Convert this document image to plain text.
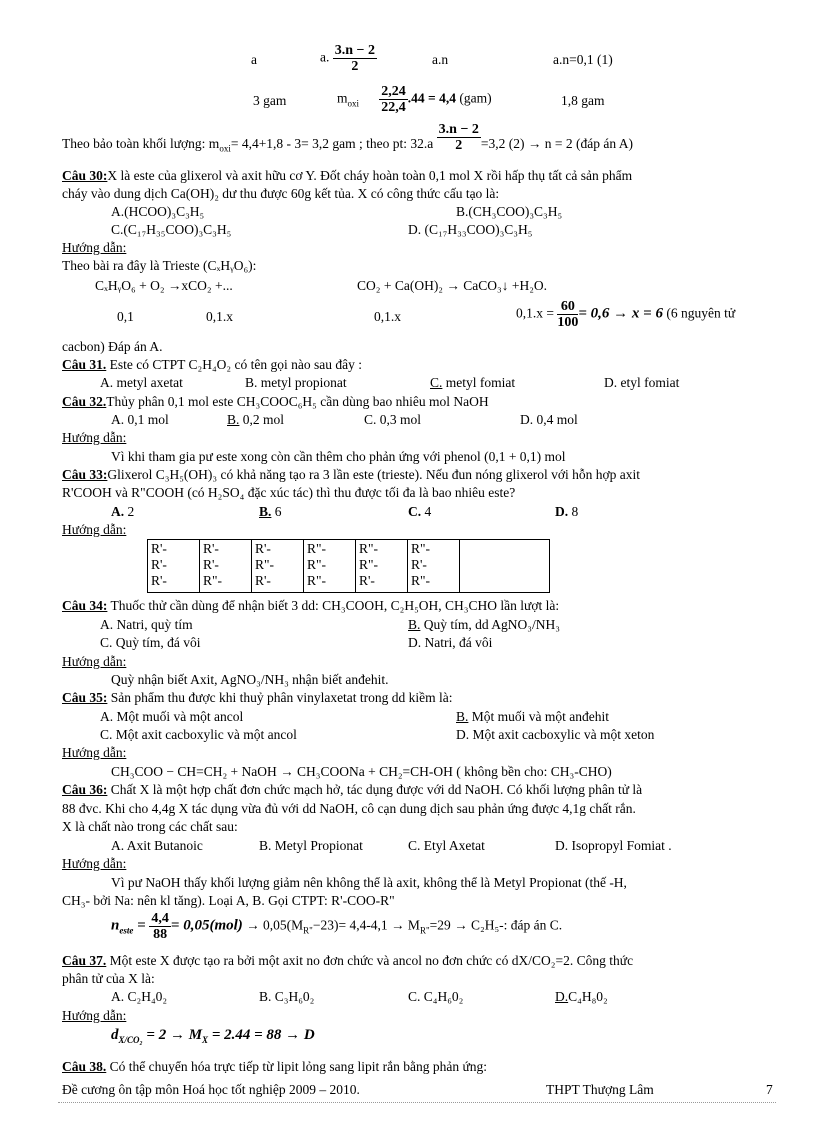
a	a. $\frac{3.n - 2}{2}$	a.n	a.n=0,1 (1)
3 gam	$m_{oxi} \frac{2,24}{22,4} .44 = 4,4$ (gam)	1,8 gam
Theo bảo toàn khối lượng: $m_{oxi}= 4,4+1,8 - 3= 3,2$ gam ; theo pt: $32.a \frac{3.n - 2}{2} =3,2$ (2) → n = 2 (đáp án A)
Câu 30:X là este của glixerol và axit hữu cơ Y. Đốt cháy hoàn toàn 0,1 mol X rồi hấp thụ tất cả sản phẩm
cháy vào dung dịch Ca(OH)₂ dư thu được 60g kết tủa. X có công thức cấu tạo là:
A.(HCOO)₃C₃H₅	B.(CH₃COO)₃C₃H₅
C.(C₁₇H₃₅COO)₃C₃H₅	D. (C₁₇H₃₃COO)₃C₃H₅
Hướng dẫn:
Theo bài ra đây là Trieste (CₓHᵧO₆):
CₓHᵧO₆ + O₂ →xCO₂ +...	CO₂ + Ca(OH)₂ → CaCO₃↓ +H₂O.
0,1	0,1.x	0,1.x	$0,1.x = \frac{60}{100} = 0,6 \to x = 6$ (6 nguyên tử
cacbon) Đáp án A.
Câu 31. Este có CTPT C₂H₄O₂ có tên gọi nào sau đây :
A. metyl axetat	B. metyl propionat	C. metyl fomiat	D. etyl fomiat
Câu 32.Thủy phân 0,1 mol este CH₃COOC₆H₅ cần dùng bao nhiêu mol NaOH
A. 0,1 mol	B. 0,2 mol	C. 0,3 mol	D. 0,4 mol
Hướng dẫn:
Vì khi tham gia pư este xong còn cần thêm cho phản ứng với phenol (0,1 + 0,1) mol
Câu 33:Glixerol C₃H₅(OH)₃ có khả năng tạo ra 3 lần este (trieste). Nếu đun nóng glixerol với hỗn hợp axit
R'COOH và R"COOH (có H₂SO₄ đặc xúc tác) thì thu được tối đa là bao nhiêu este?
A. 2	B. 6	C. 4	D. 8
Hướng dẫn:
R'-
R'-
R'-	R'-
R'-
R"-	R'-
R"-
R'-	R"-
R"-
R"-	R"-
R"-
R'-	R"-
R'-
R"-	
Câu 34: Thuốc thử cần dùng để nhận biết 3 dd: CH₃COOH, C₂H₅OH, CH₃CHO lần lượt là:
A. Natri, quỳ tím	B. Quỳ tím, dd AgNO₃/NH₃
C. Quỳ tím, đá vôi	D. Natri, đá vôi
Hướng dẫn:
Quỳ nhận biết Axit, AgNO₃/NH₃ nhận biết anđehit.
Câu 35: Sản phẩm thu được khi thuỷ phân vinylaxetat trong dd kiềm là:
A. Một muối và một ancol	B. Một muối và một anđehit
C. Một axit cacboxylic và một ancol	D. Một axit cacboxylic và một xeton
Hướng dẫn:
CH₃COO − CH=CH₂ + NaOH → CH₃COONa + CH₂=CH-OH ( không bền cho: CH₃-CHO)
Câu 36: Chất X là một hợp chất đơn chức mạch hở, tác dụng được với dd NaOH. Có khối lượng phân tử là
88 đvc. Khi cho 4,4g X tác dụng vừa đủ với dd NaOH, cô cạn dung dịch sau phản ứng được 4,1g chất rắn.
X là chất nào trong các chất sau:
A. Axit Butanoic	B. Metyl Propionat	C. Etyl Axetat	D. Isopropyl Fomiat .
Hướng dẫn:
Vì pư NaOH thấy khối lượng giảm nên không thể là axit, không thể là Metyl Propionat (thế -H,
CH₃- bởi Na: nên kl tăng). Loại A, B. Gọi CTPT: R'-COO-R"
$n_{este} = \frac{4,4}{88} = 0,05(mol) \to 0,05(M_{R"}-23)= 4,4-4,1 \to M_{R"}=29 \to C_2H_5-$: đáp án C.
Câu 37. Một este X được tạo ra bởi một axit no đơn chức và ancol no đơn chức có dX/CO₂=2. Công thức
phân tử của X là:
A. C₂H₄0₂	B. C₃H₆0₂	C. C₄H₆0₂	D.C₄H₈0₂
Hướng dẫn:
$d_{X/CO_2} = 2 \to M_X = 2.44 = 88 \to D$
Câu 38. Có thể chuyển hóa trực tiếp từ lipit lỏng sang lipit rắn bằng phản ứng:
Đề cương ôn tập môn Hoá học tốt nghiệp 2009 – 2010.	THPT Thượng Lâm	7
